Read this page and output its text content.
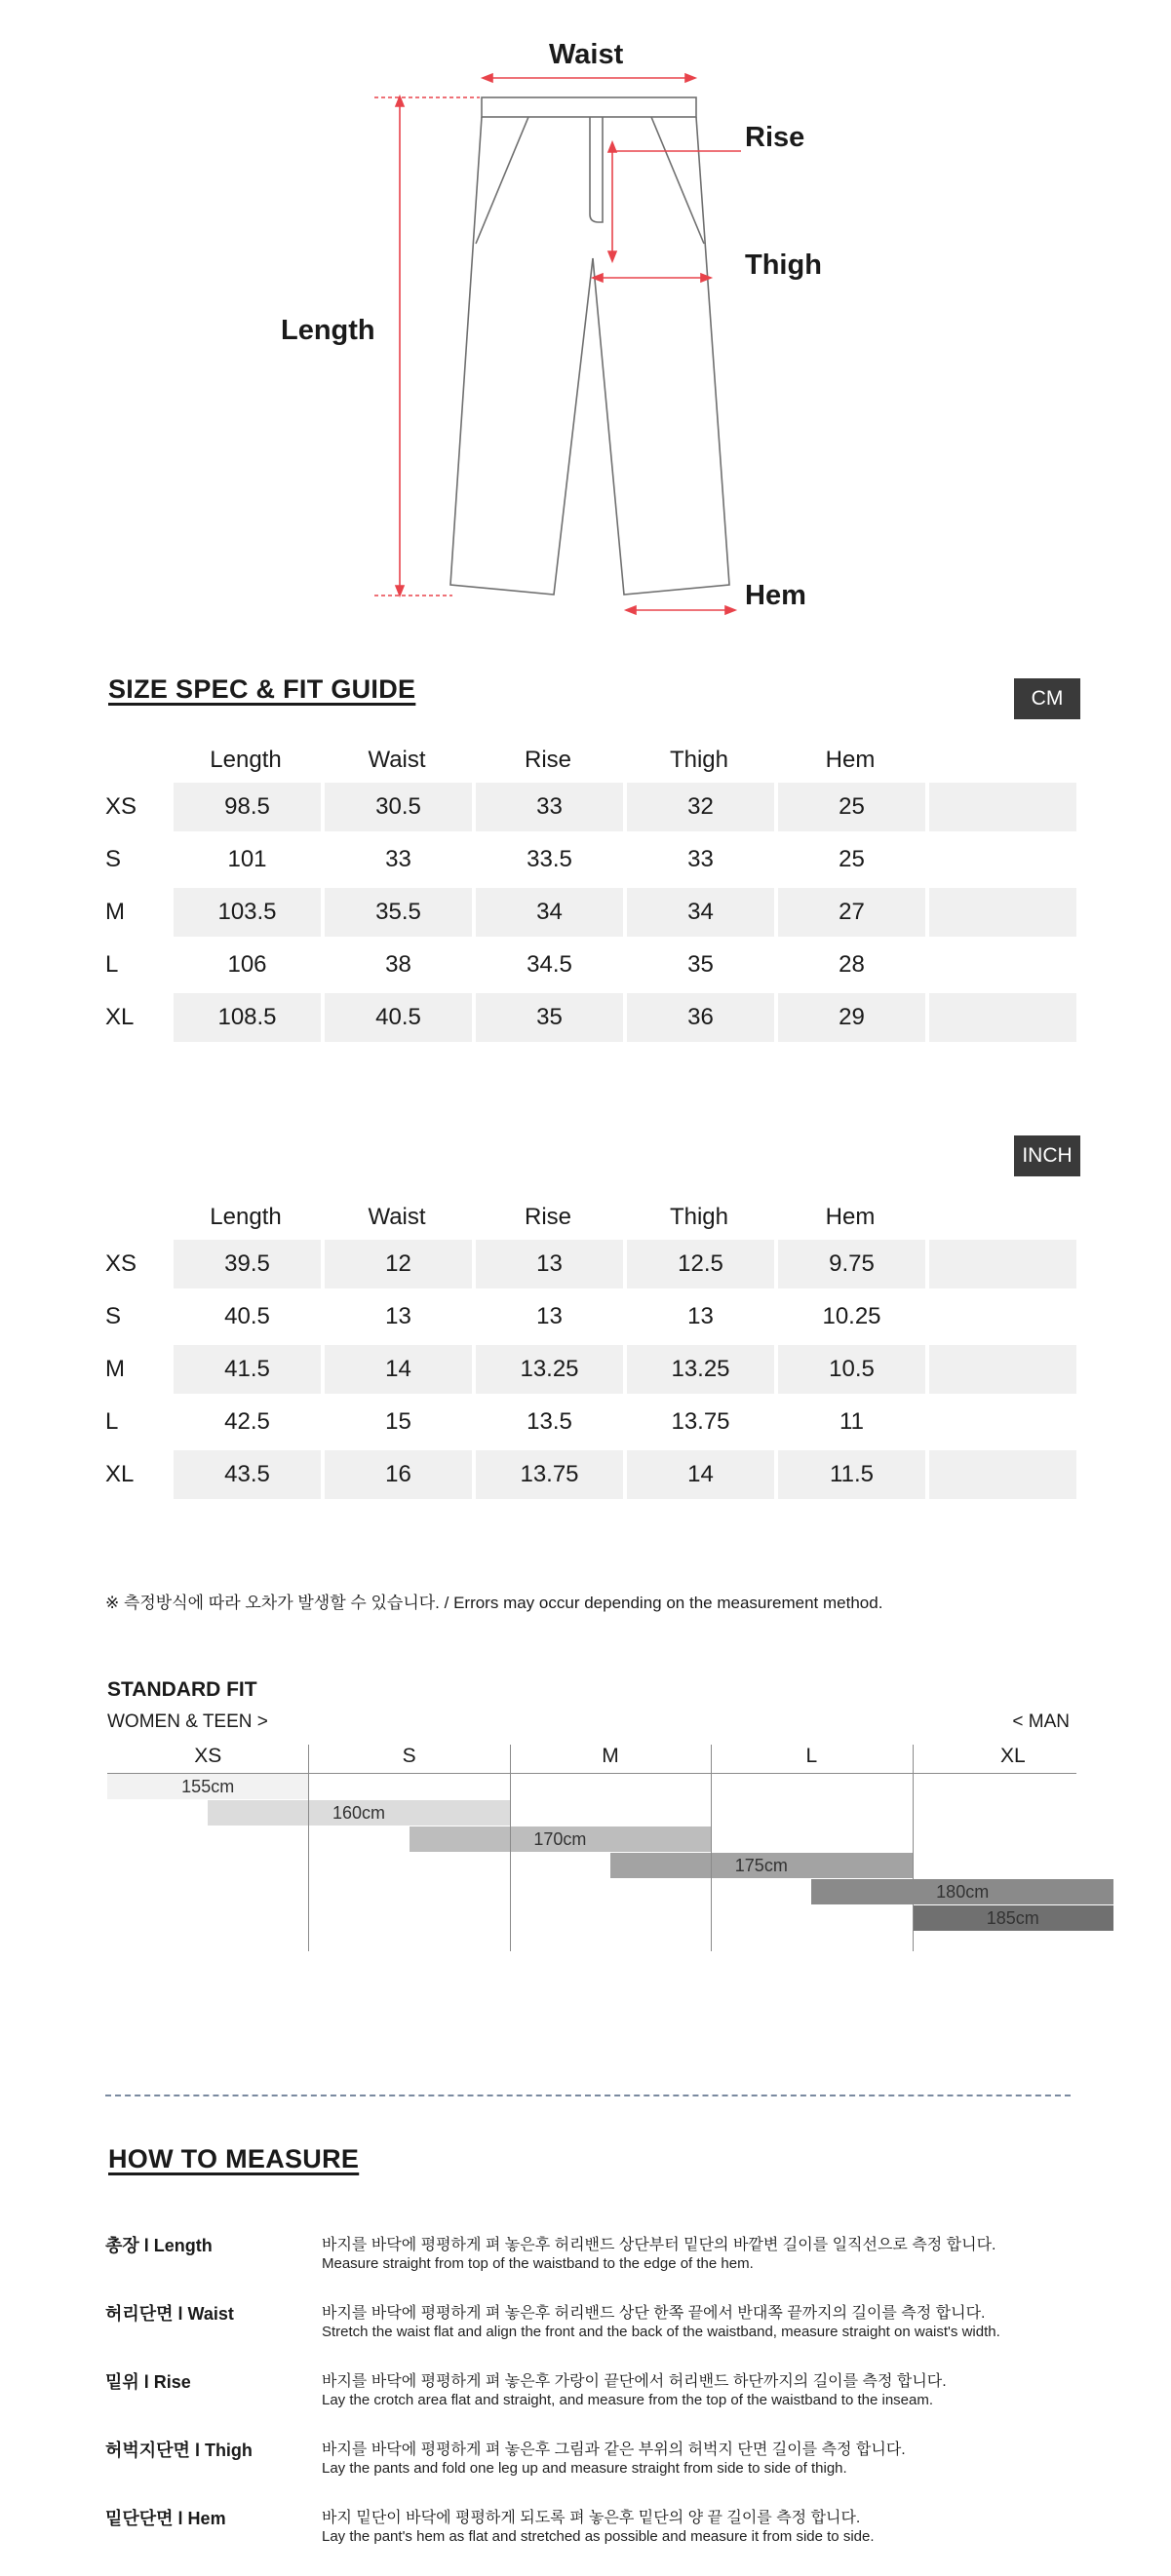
Waist
Rise
Thigh
Length
Hem
SIZE SPEC & FIT GUIDE	CM
Length	Waist	Rise	Thigh	Hem
XS	98.5	30.5	33	32	25
S	101	33	33.5	33	25
M	103.5	35.5	34	34	27
L	106	38	34.5	35	28
XL	108.5	40.5	35	36	29
INCH
Length	Waist	Rise	Thigh	Hem
XS	39.5	12	13	12.5	9.75
S	40.5	13	13	13	10.25
M	41.5	14	13.25	13.25	10.5
L	42.5	15	13.5	13.75	11
XL	43.5	16	13.75	14	11.5
※ 측정방식에 따라 오차가 발생할 수 있습니다. / Errors may occur depending on the measurement method.
STANDARD FIT
WOMEN & TEEN >	< MAN
XS	S	M	L	XL
155cm
160cm
170cm
175cm
180cm
185cm
HOW TO MEASURE
총장 l Length	바지를 바닥에 평평하게 펴 놓은후 허리밴드 상단부터 밑단의 바깥변 길이를 일직선으로 측정 합니다.
Measure straight from top of the waistband to the edge of the hem.
허리단면 l Waist	바지를 바닥에 평평하게 펴 놓은후 허리밴드 상단 한쪽 끝에서 반대쪽 끝까지의 길이를 측정 합니다.
Stretch the waist flat and align the front and the back of the waistband, measure straight on waist's width.
밑위 l Rise	바지를 바닥에 평평하게 펴 놓은후 가랑이 끝단에서 허리밴드 하단까지의 길이를 측정 합니다.
Lay the crotch area flat and straight, and measure from the top of the waistband to the inseam.
허벅지단면 l Thigh	바지를 바닥에 평평하게 펴 놓은후 그림과 같은 부위의 허벅지 단면 길이를 측정 합니다.
Lay the pants and fold one leg up and measure straight from side to side of thigh.
밑단단면 l Hem	바지 밑단이 바닥에 평평하게 되도록 펴 놓은후 밑단의 양 끝 길이를 측정 합니다.
Lay the pant's hem as flat and stretched as possible and measure it from side to side.
